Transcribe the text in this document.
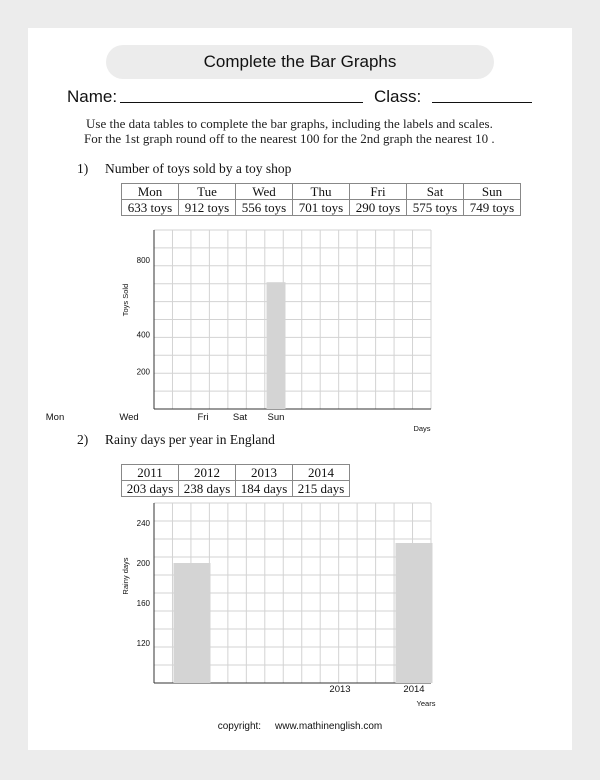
Complete the Bar Graphs
Name:	Class:
Use the data tables to complete the bar graphs, including the labels and scales.
For the 1st graph round off to the nearest 100 for the 2nd graph the nearest 10 .
1) Number of toys sold by a toy shop
Mon	Tue	Wed	Thu	Fri	Sat	Sun
633 toys	912 toys	556 toys	701 toys	290 toys	575 toys	749 toys
2) Rainy days per year in England
2011	2012	2013	2014
203 days	238 days	184 days	215 days
200
400
800
Mon	Wed	Fri	Sat Sun
Toys Sold
Days
120
160
200
240
2013	2014
Rainy days
Years
copyright: www.mathinenglish.com
